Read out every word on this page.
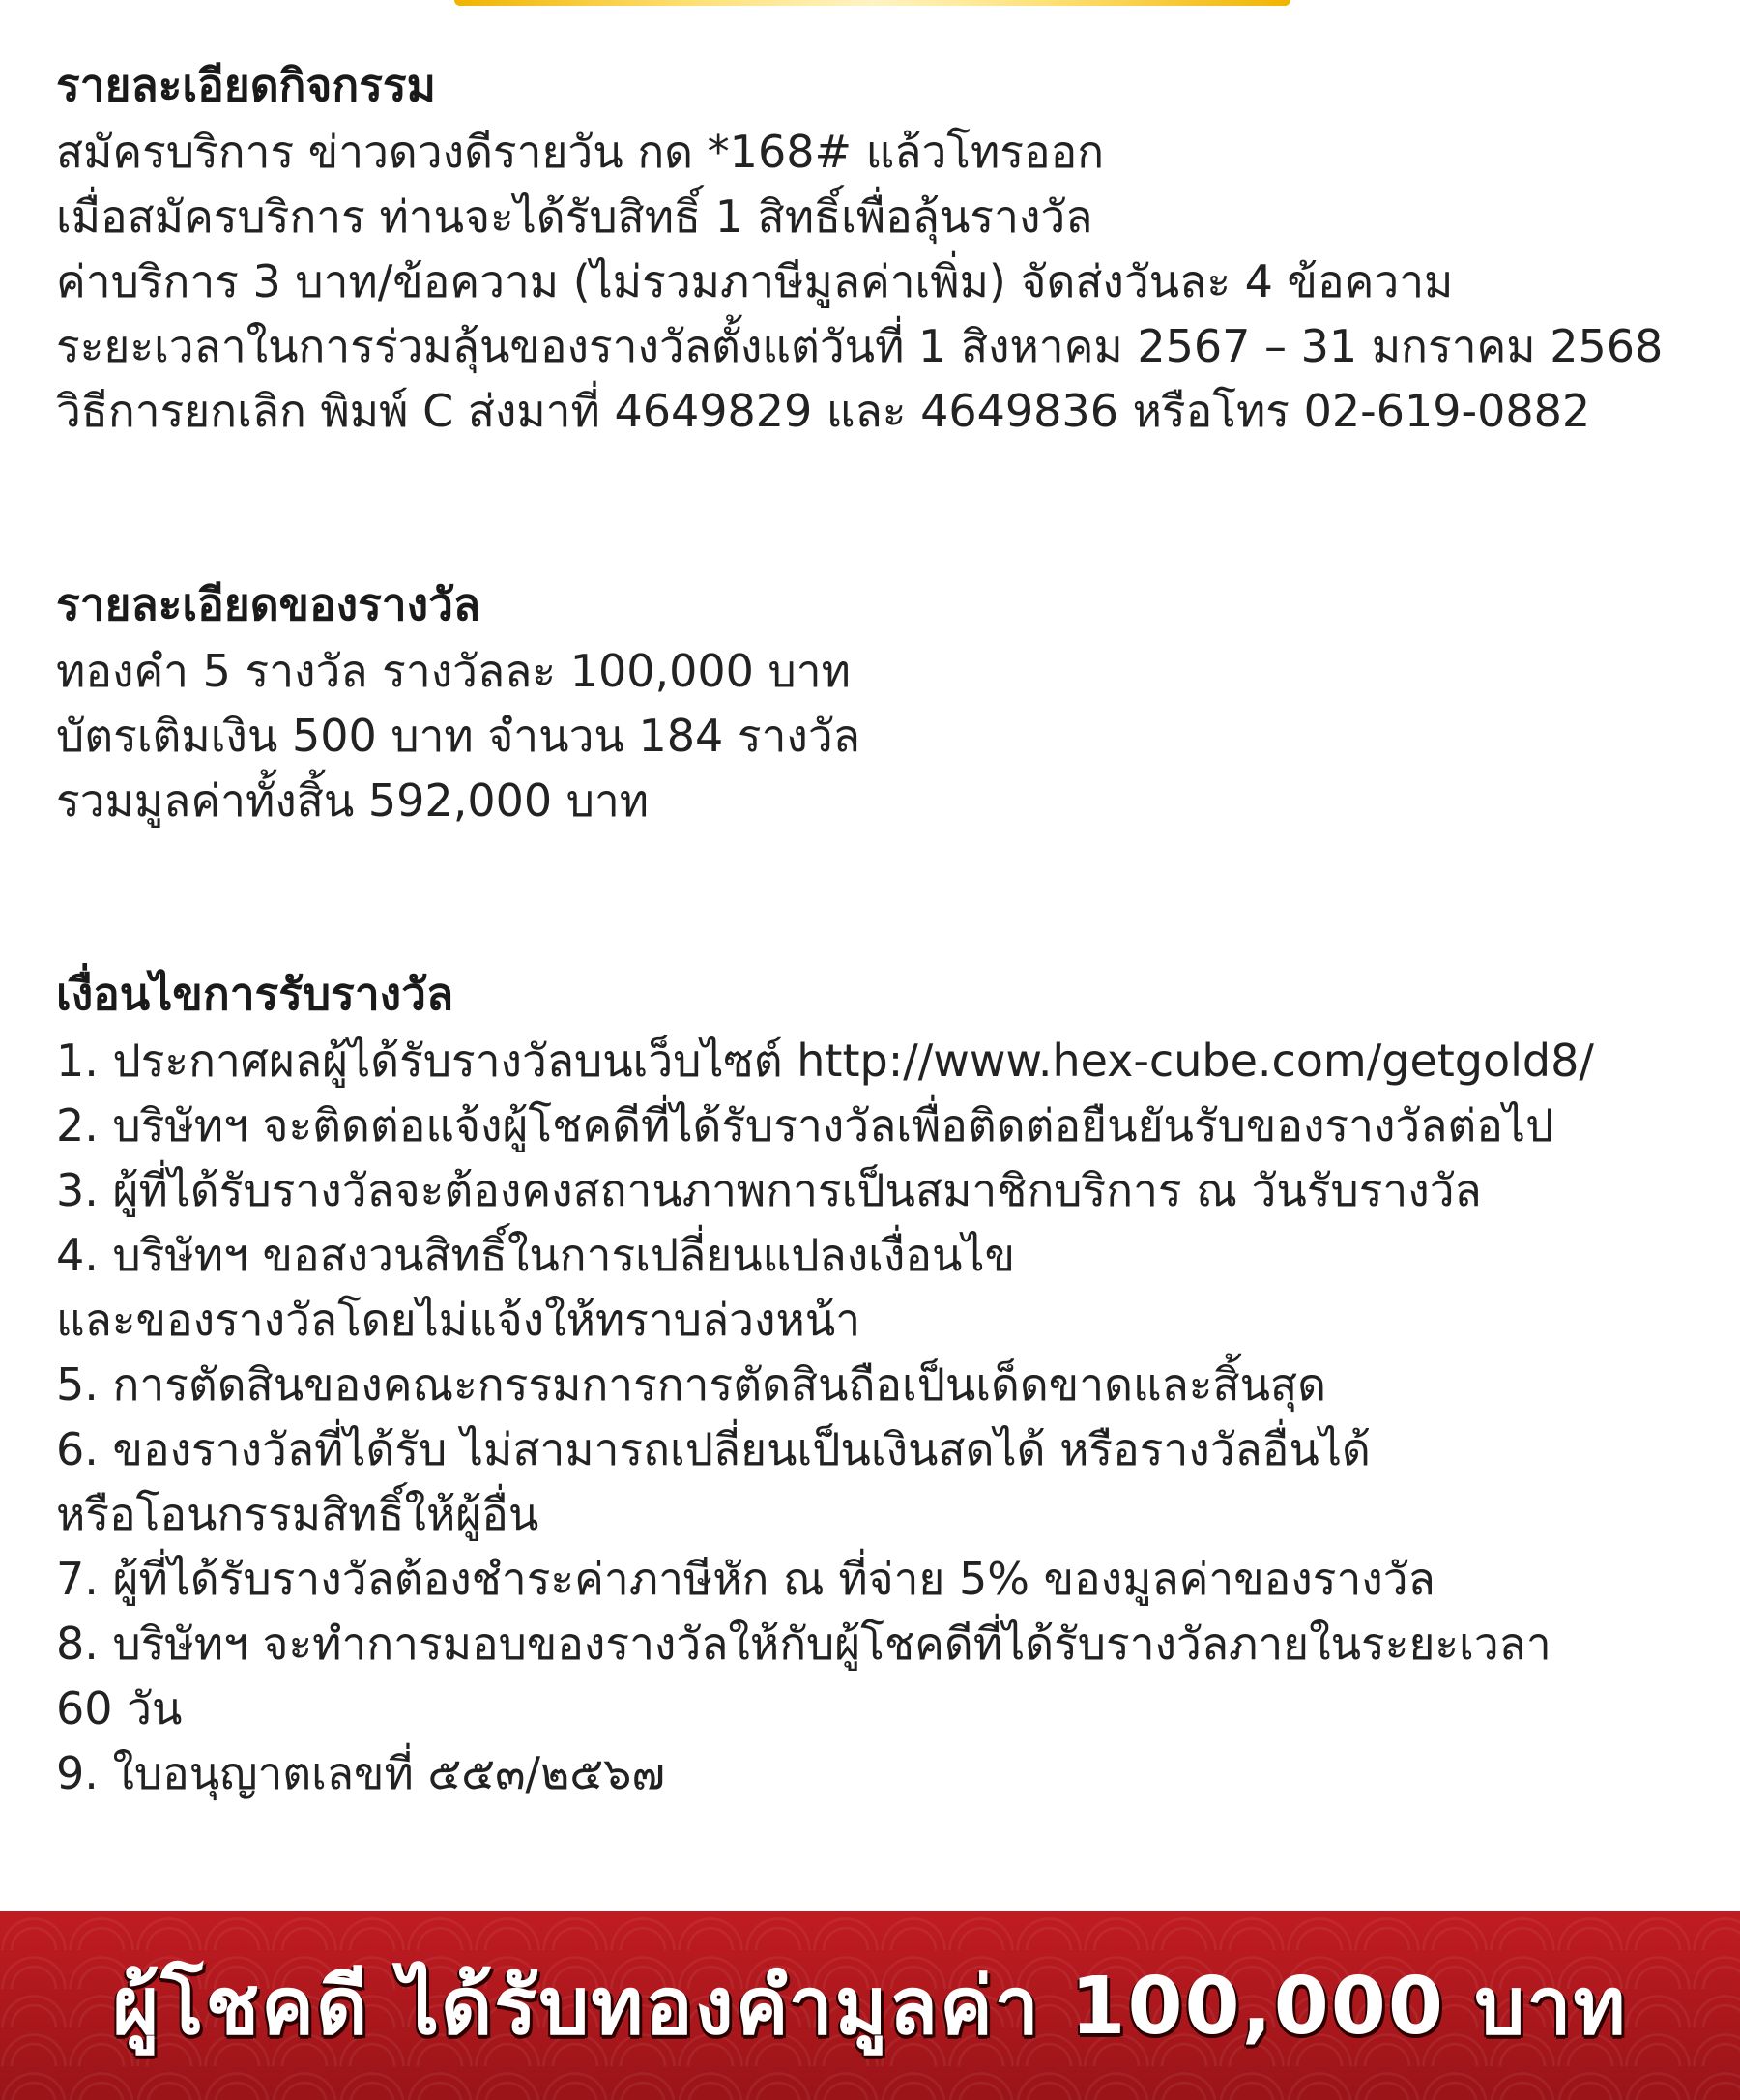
รายละเอียดกิจกรรม

สมัครบริการ ข่าวดวงดีรายวัน กด *168# แล้วโทรออก

เมื่อสมัครบริการ ท่านจะได้รับสิทธิ์ 1 สิทธิ์เพื่อลุ้นรางวัล

ค่าบริการ 3 บาท/ข้อความ (ไม่รวมภาษีมูลค่าเพิ่ม) จัดส่งวันละ 4 ข้อความ

ระยะเวลาในการร่วมลุ้นของรางวัลตั้งแต่วันที่ 1 สิงหาคม 2567 – 31 มกราคม 2568

วิธีการยกเลิก พิมพ์ C ส่งมาที่ 4649829 และ 4649836 หรือโทร 02-619-0882

รายละเอียดของรางวัล

ทองคำ 5 รางวัล รางวัลละ 100,000 บาท

บัตรเติมเงิน 500 บาท จำนวน 184 รางวัล

รวมมูลค่าทั้งสิ้น 592,000 บาท

เงื่อนไขการรับรางวัล

1. ประกาศผลผู้ได้รับรางวัลบนเว็บไซต์ http://www.hex-cube.com/getgold8/

2. บริษัทฯ จะติดต่อแจ้งผู้โชคดีที่ได้รับรางวัลเพื่อติดต่อยืนยันรับของรางวัลต่อไป

3. ผู้ที่ได้รับรางวัลจะต้องคงสถานภาพการเป็นสมาชิกบริการ ณ วันรับรางวัล

4. บริษัทฯ ขอสงวนสิทธิ์ในการเปลี่ยนแปลงเงื่อนไข

และของรางวัลโดยไม่แจ้งให้ทราบล่วงหน้า

5. การตัดสินของคณะกรรมการการตัดสินถือเป็นเด็ดขาดและสิ้นสุด

6. ของรางวัลที่ได้รับ ไม่สามารถเปลี่ยนเป็นเงินสดได้ หรือรางวัลอื่นได้

หรือโอนกรรมสิทธิ์ให้ผู้อื่น

7. ผู้ที่ได้รับรางวัลต้องชำระค่าภาษีหัก ณ ที่จ่าย 5% ของมูลค่าของรางวัล

8. บริษัทฯ จะทำการมอบของรางวัลให้กับผู้โชคดีที่ได้รับรางวัลภายในระยะเวลา

60 วัน

9. ใบอนุญาตเลขที่ ๕๕๓/๒๕๖๗

ผู้โชคดี ได้รับทองคำมูลค่า 100,000 บาท
